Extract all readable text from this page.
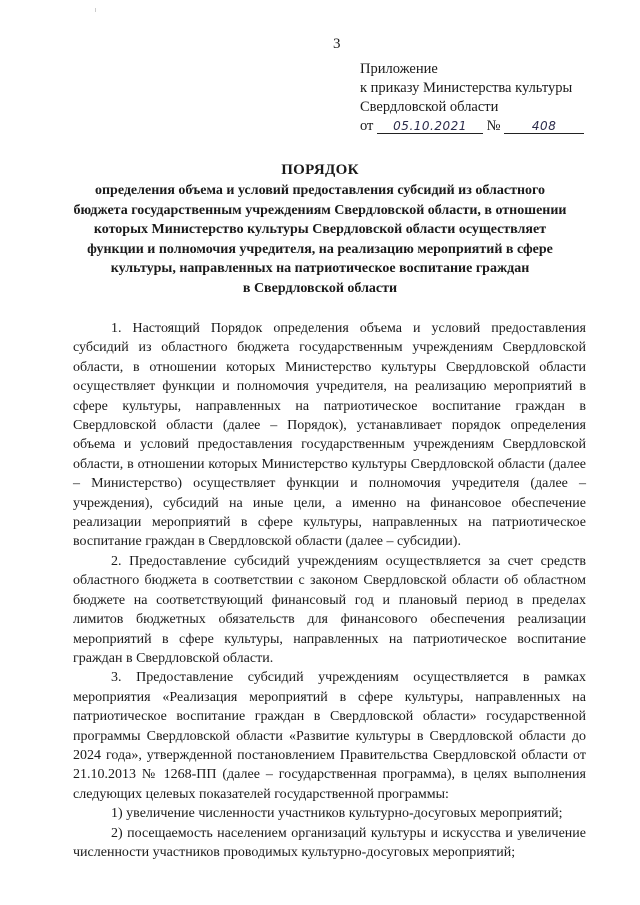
3
Приложение
к приказу Министерства культуры
Свердловской области
от 05.10.2021 №	408
ПОРЯДОК
определения объема и условий предоставления субсидий из областного
бюджета государственным учреждениям Свердловской области, в отношении
которых Министерство культуры Свердловской области осуществляет
функции и полномочия учредителя, на реализацию мероприятий в сфере
культуры, направленных на патриотическое воспитание граждан
в Свердловской области

1. Настоящий Порядок определения объема и условий предоставления субсидий из областного бюджета государственным учреждениям Свердловской области, в отношении которых Министерство культуры Свердловской области осуществляет функции и полномочия учредителя, на реализацию мероприятий в сфере культуры, направленных на патриотическое воспитание граждан в Свердловской области (далее – Порядок), устанавливает порядок определения объема и условий предоставления государственным учреждениям Свердловской области, в отношении которых Министерство культуры Свердловской области (далее – Министерство) осуществляет функции и полномочия учредителя (далее – учреждения), субсидий на иные цели, а именно на финансовое обеспечение реализации мероприятий в сфере культуры, направленных на патриотическое воспитание граждан в Свердловской области (далее – субсидии).

2. Предоставление субсидий учреждениям осуществляется за счет средств областного бюджета в соответствии с законом Свердловской области об областном бюджете на соответствующий финансовый год и плановый период в пределах лимитов бюджетных обязательств для финансового обеспечения реализации мероприятий в сфере культуры, направленных на патриотическое воспитание граждан в Свердловской области.

3. Предоставление субсидий учреждениям осуществляется в рамках мероприятия «Реализация мероприятий в сфере культуры, направленных на патриотическое воспитание граждан в Свердловской области» государственной программы Свердловской области «Развитие культуры в Свердловской области до 2024 года», утвержденной постановлением Правительства Свердловской области от 21.10.2013 № 1268-ПП (далее – государственная программа), в целях выполнения следующих целевых показателей государственной программы:

1) увеличение численности участников культурно-досуговых мероприятий;

2) посещаемость населением организаций культуры и искусства и увеличение численности участников проводимых культурно-досуговых мероприятий;
